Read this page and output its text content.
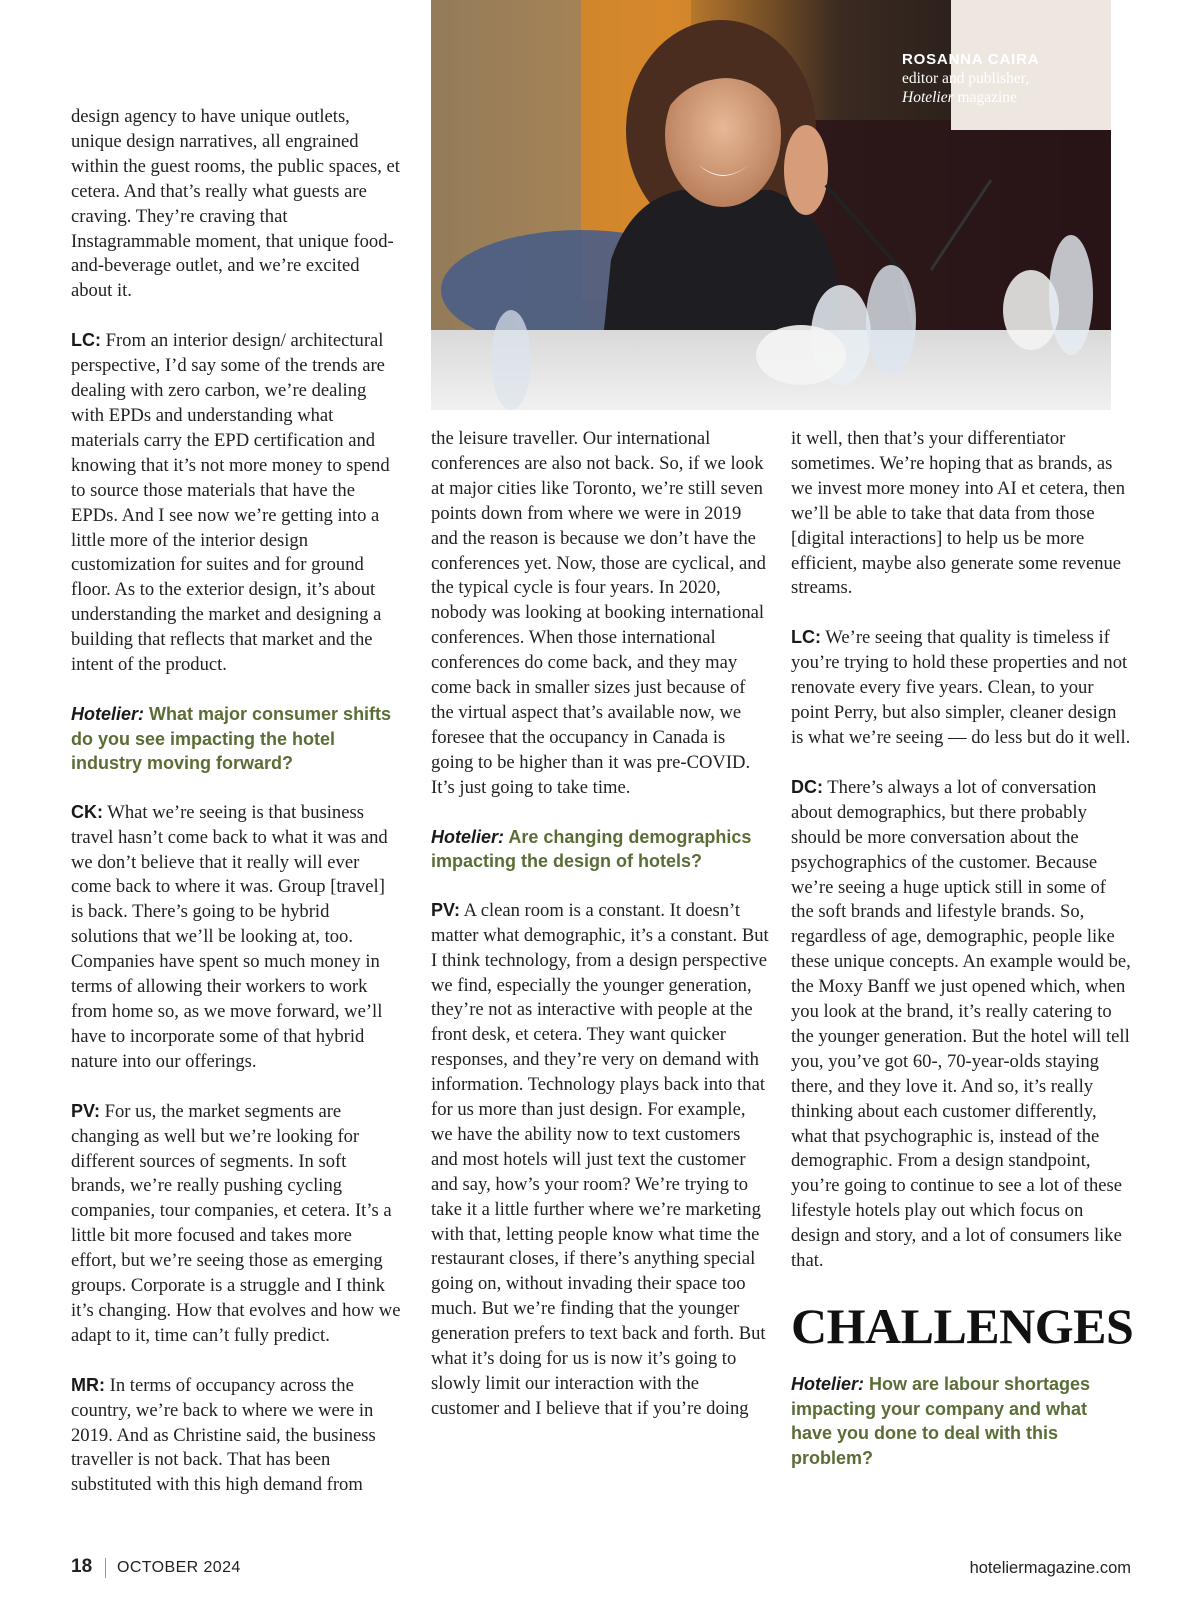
design agency to have unique outlets, unique design narratives, all engrained within the guest rooms, the public spaces, et cetera. And that’s really what guests are craving. They’re craving that Instagrammable moment, that unique food-and-beverage outlet, and we’re excited about it.

LC: From an interior design/ architectural perspective, I’d say some of the trends are dealing with zero carbon, we’re dealing with EPDs and understanding what materials carry the EPD certification and knowing that it’s not more money to spend to source those materials that have the EPDs. And I see now we’re getting into a little more of the interior design customization for suites and for ground floor. As to the exterior design, it’s about understanding the market and designing a building that reflects that market and the intent of the product.

Hotelier: What major consumer shifts do you see impacting the hotel industry moving forward?

CK: What we’re seeing is that business travel hasn’t come back to what it was and we don’t believe that it really will ever come back to where it was. Group [travel] is back. There’s going to be hybrid solutions that we’ll be looking at, too. Companies have spent so much money in terms of allowing their workers to work from home so, as we move forward, we’ll have to incorporate some of that hybrid nature into our offerings.

PV: For us, the market segments are changing as well but we’re looking for different sources of segments. In soft brands, we’re really pushing cycling companies, tour companies, et cetera. It’s a little bit more focused and takes more effort, but we’re seeing those as emerging groups. Corporate is a struggle and I think it’s changing. How that evolves and how we adapt to it, time can’t fully predict.

MR: In terms of occupancy across the country, we’re back to where we were in 2019. And as Christine said, the business traveller is not back. That has been substituted with this high demand from

ROSANNA CAIRA
editor and publisher,
Hotelier magazine

the leisure traveller. Our international conferences are also not back. So, if we look at major cities like Toronto, we’re still seven points down from where we were in 2019 and the reason is because we don’t have the conferences yet. Now, those are cyclical, and the typical cycle is four years. In 2020, nobody was looking at booking international conferences. When those international conferences do come back, and they may come back in smaller sizes just because of the virtual aspect that’s available now, we foresee that the occupancy in Canada is going to be higher than it was pre-COVID. It’s just going to take time.

Hotelier: Are changing demographics impacting the design of hotels?

PV: A clean room is a constant. It doesn’t matter what demographic, it’s a constant. But I think technology, from a design perspective we find, especially the younger generation, they’re not as interactive with people at the front desk, et cetera. They want quicker responses, and they’re very on demand with information. Technology plays back into that for us more than just design. For example, we have the ability now to text customers and most hotels will just text the customer and say, how’s your room? We’re trying to take it a little further where we’re marketing with that, letting people know what time the restaurant closes, if there’s anything special going on, without invading their space too much. But we’re finding that the younger generation prefers to text back and forth. But what it’s doing for us is now it’s going to slowly limit our interaction with the customer and I believe that if you’re doing

it well, then that’s your differentiator sometimes. We’re hoping that as brands, as we invest more money into AI et cetera, then we’ll be able to take that data from those [digital interactions] to help us be more efficient, maybe also generate some revenue streams.

LC: We’re seeing that quality is timeless if you’re trying to hold these properties and not renovate every five years. Clean, to your point Perry, but also simpler, cleaner design is what we’re seeing — do less but do it well.

DC: There’s always a lot of conversation about demographics, but there probably should be more conversation about the psychographics of the customer. Because we’re seeing a huge uptick still in some of the soft brands and lifestyle brands. So, regardless of age, demographic, people like these unique concepts. An example would be, the Moxy Banff we just opened which, when you look at the brand, it’s really catering to the younger generation. But the hotel will tell you, you’ve got 60-, 70-year-olds staying there, and they love it. And so, it’s really thinking about each customer differently, what that psychographic is, instead of the demographic. From a design standpoint, you’re going to continue to see a lot of these lifestyle hotels play out which focus on design and story, and a lot of consumers like that.

CHALLENGES

Hotelier: How are labour shortages impacting your company and what have you done to deal with this problem?

18 OCTOBER 2024	hoteliermagazine.com
